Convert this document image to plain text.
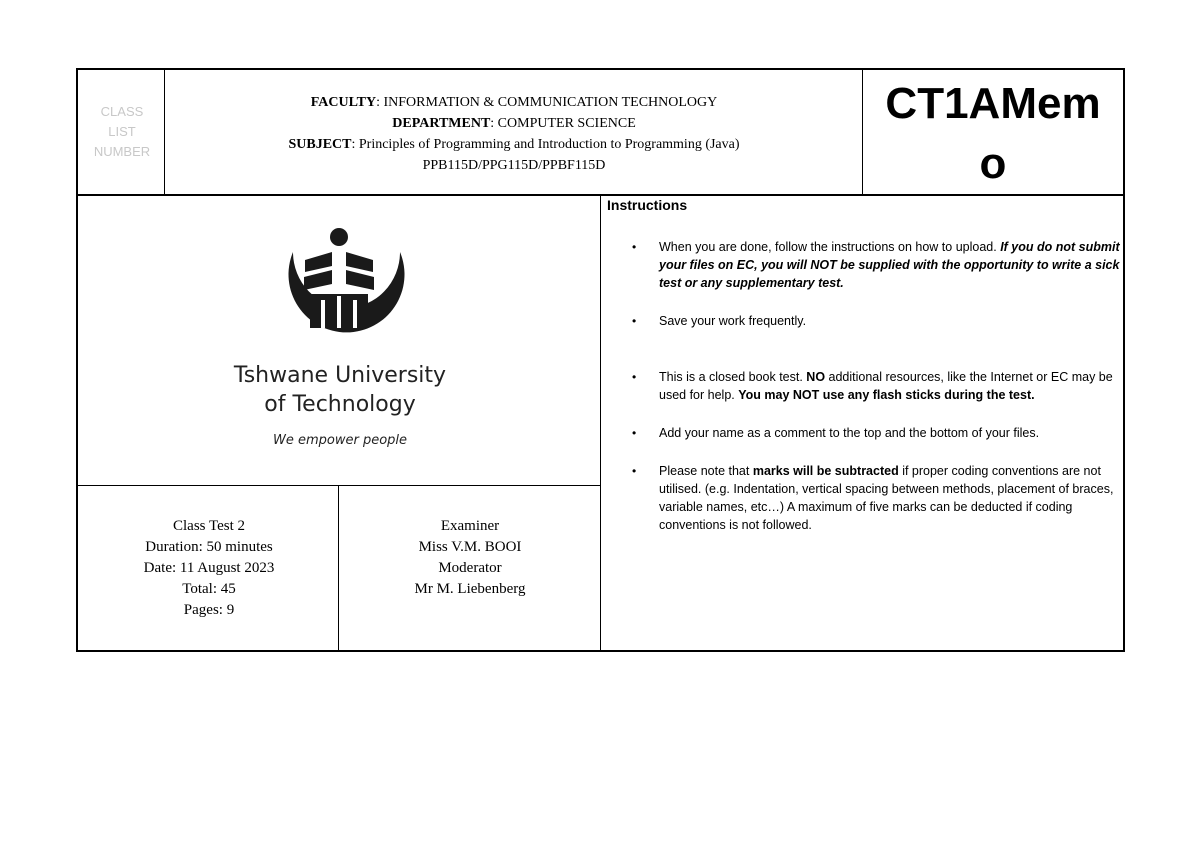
CLASS
LIST
NUMBER
FACULTY: INFORMATION & COMMUNICATION TECHNOLOGY
DEPARTMENT: COMPUTER SCIENCE
SUBJECT: Principles of Programming and Introduction to Programming (Java)
PPB115D/PPG115D/PPBF115D
CT1AMem
o
Tshwane University
of Technology
We empower people
Class Test 2
Duration: 50 minutes
Date: 11 August 2023
Total: 45
Pages: 9
Examiner
Miss V.M. BOOI
Moderator
Mr M. Liebenberg
Instructions
• When you are done, follow the instructions on how to upload. If you do not submit your files on EC, you will NOT be supplied with the opportunity to write a sick test or any supplementary test.
• Save your work frequently.
• This is a closed book test. NO additional resources, like the Internet or EC may be used for help. You may NOT use any flash sticks during the test.
• Add your name as a comment to the top and the bottom of your files.
• Please note that marks will be subtracted if proper coding conventions are not utilised. (e.g. Indentation, vertical spacing between methods, placement of braces, variable names, etc…) A maximum of five marks can be deducted if coding conventions is not followed.
